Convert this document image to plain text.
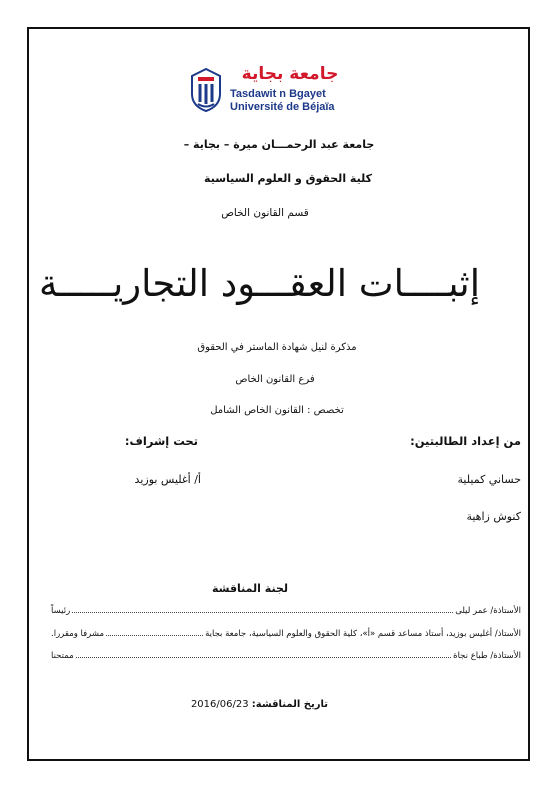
جامعة بجاية
Tasdawit n Bgayet
Université de Béjaïa
جامعة عبد الرحمـــان ميرة – بجاية –
كلية الحقوق و العلوم السياسية
قسم القانون الخاص
إثبــــات العقـــود التجاريـــــة
مذكرة لنيل شهادة الماستر في الحقوق
فرع القانون الخاص
تخصص : القانون الخاص الشامل
من إعداد الطالبتين:
تحت إشراف:
حساني كميلية
كنوش زاهية
أ/ أغليس بوزيد
لجنة المناقشة
الأستاذة/ عمر ليلى
رئيساً
الأستاذ/ أغليس بوزيد، أستاذ مساعد قسم «أ»، كلية الحقوق والعلوم السياسية، جامعة بجاية
مشرفا ومقررا.
الأستاذة/ طباع نجاة
ممتحنا
تاريخ المناقشة: 2016/06/23
